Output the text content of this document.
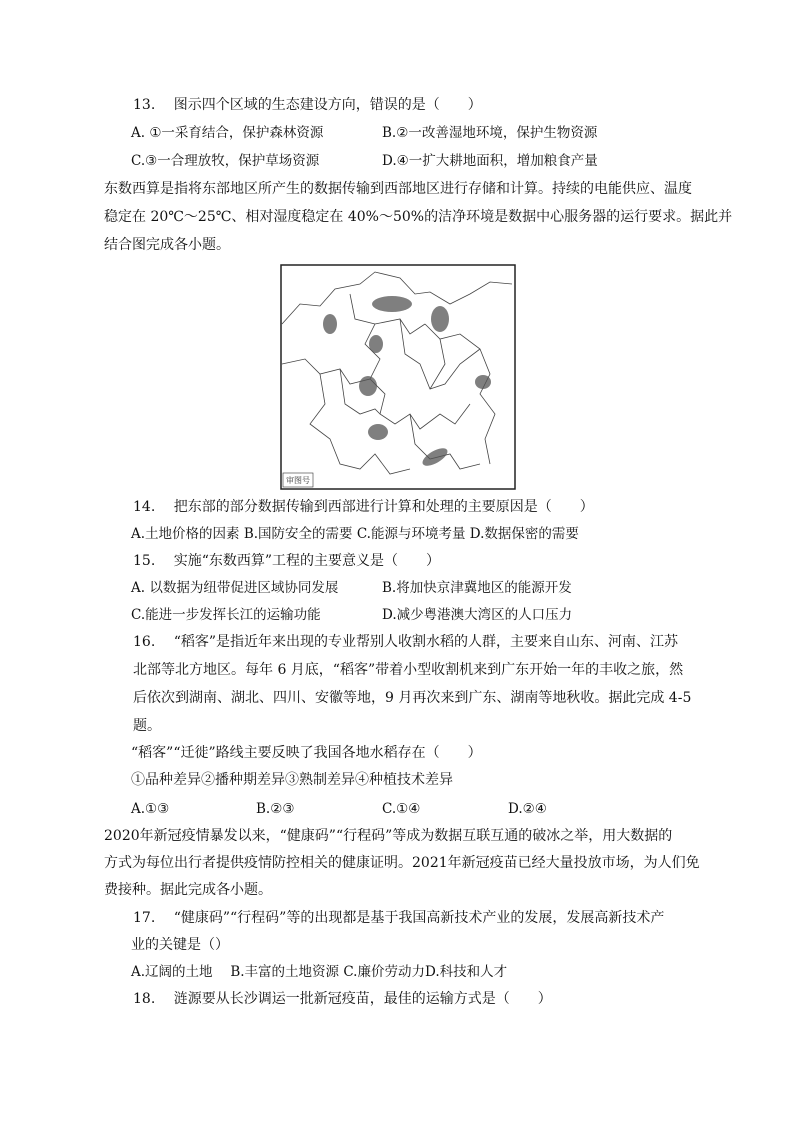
13.　 图示四个区域的生态建设方向，错误的是（　　）
A. ①一采育结合，保护森林资源	B.②一改善湿地环境，保护生物资源
C.③一合理放牧，保护草场资源	D.④一扩大耕地面积，增加粮食产量
东数西算是指将东部地区所产生的数据传输到西部地区进行存储和计算。持续的电能供应、温度
稳定在 20℃～25℃、相对湿度稳定在 40%～50%的洁净环境是数据中心服务器的运行要求。据此并
结合图完成各小题。
审图号
14.　 把东部的部分数据传输到西部进行计算和处理的主要原因是（　　）
A.土地价格的因素 B.国防安全的需要 C.能源与环境考量 D.数据保密的需要
15.　 实施“东数西算”工程的主要意义是（　　）
A. 以数据为纽带促进区域协同发展	B.将加快京津冀地区的能源开发
C.能进一步发挥长江的运输功能	D.减少粤港澳大湾区的人口压力
16.　 “稻客”是指近年来出现的专业帮别人收割水稻的人群，主要来自山东、河南、江苏
北部等北方地区。每年 6 月底，“稻客”带着小型收割机来到广东开始一年的丰收之旅，然
后依次到湖南、湖北、四川、安徽等地，9 月再次来到广东、湖南等地秋收。据此完成 4-5
题。
“稻客”“迁徙”路线主要反映了我国各地水稻存在（　　）
①品种差异②播种期差异③熟制差异④种植技术差异
A.①③	B.②③	C.①④	D.②④
2020年新冠疫情暴发以来，“健康码”“行程码”等成为数据互联互通的破冰之举，用大数据的
方式为每位出行者提供疫情防控相关的健康证明。2021年新冠疫苗已经大量投放市场，为人们免
费接种。据此完成各小题。
17.　 “健康码”“行程码”等的出现都是基于我国高新技术产业的发展，发展高新技术产
业的关键是（）
A.辽阔的土地　 B.丰富的土地资源 C.廉价劳动力D.科技和人才
18.　 涟源要从长沙调运一批新冠疫苗，最佳的运输方式是（　　）
